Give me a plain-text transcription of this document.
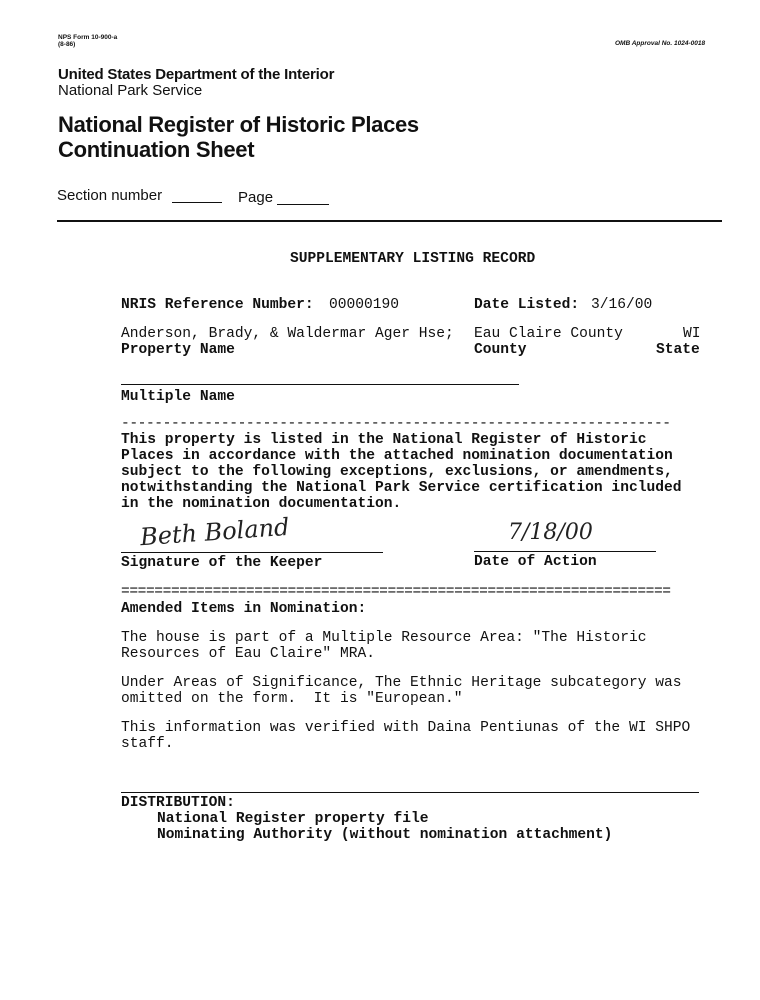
NPS Form 10-900-a
(8-86)	OMB Approval No. 1024-0018
United States Department of the Interior
National Park Service
National Register of Historic Places
Continuation Sheet
Section number	Page
SUPPLEMENTARY LISTING RECORD
NRIS Reference Number: 00000190	Date Listed: 3/16/00
Anderson, Brady, & Waldermar Ager Hse; Eau Claire County	WI
Property Name	County	State
Multiple Name
------------------------------------------------------------------
This property is listed in the National Register of Historic
Places in accordance with the attached nomination documentation
subject to the following exceptions, exclusions, or amendments,
notwithstanding the National Park Service certification included
in the nomination documentation.
Beth Boland
Signature of the Keeper
7/18/00
Date of Action
==================================================================
Amended Items in Nomination:
The house is part of a Multiple Resource Area: "The Historic
Resources of Eau Claire" MRA.
Under Areas of Significance, The Ethnic Heritage subcategory was
omitted on the form.  It is "European."
This information was verified with Daina Pentiunas of the WI SHPO
staff.
DISTRIBUTION:
National Register property file
Nominating Authority (without nomination attachment)
